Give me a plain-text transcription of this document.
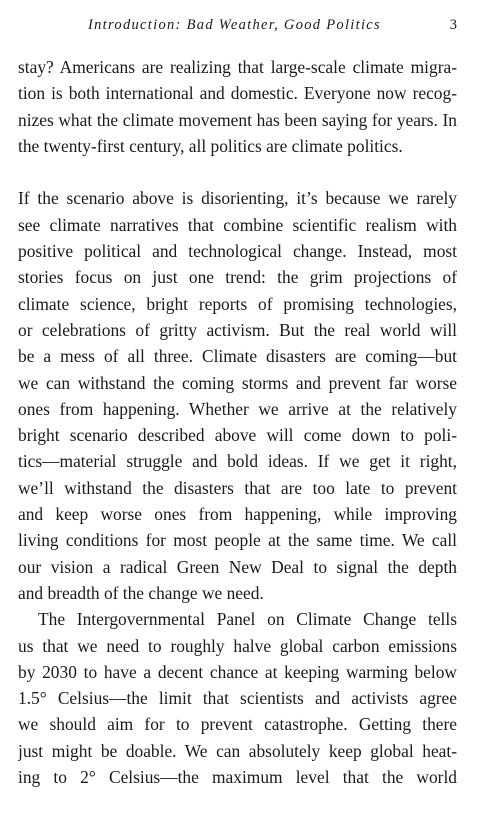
Introduction: Bad Weather, Good Politics	3
stay? Americans are realizing that large-scale climate migra-
tion is both international and domestic. Everyone now recog-
nizes what the climate movement has been saying for years. In
the twenty-first century, all politics are climate politics.
If the scenario above is disorienting, it’s because we rarely
see climate narratives that combine scientific realism with
positive political and technological change. Instead, most
stories focus on just one trend: the grim projections of
climate science, bright reports of promising technologies,
or celebrations of gritty activism. But the real world will
be a mess of all three. Climate disasters are coming—but
we can withstand the coming storms and prevent far worse
ones from happening. Whether we arrive at the relatively
bright scenario described above will come down to poli-
tics—material struggle and bold ideas. If we get it right,
we’ll withstand the disasters that are too late to prevent
and keep worse ones from happening, while improving
living conditions for most people at the same time. We call
our vision a radical Green New Deal to signal the depth
and breadth of the change we need.
The Intergovernmental Panel on Climate Change tells
us that we need to roughly halve global carbon emissions
by 2030 to have a decent chance at keeping warming below
1.5° Celsius—the limit that scientists and activists agree
we should aim for to prevent catastrophe. Getting there
just might be doable. We can absolutely keep global heat-
ing to 2° Celsius—the maximum level that the world
